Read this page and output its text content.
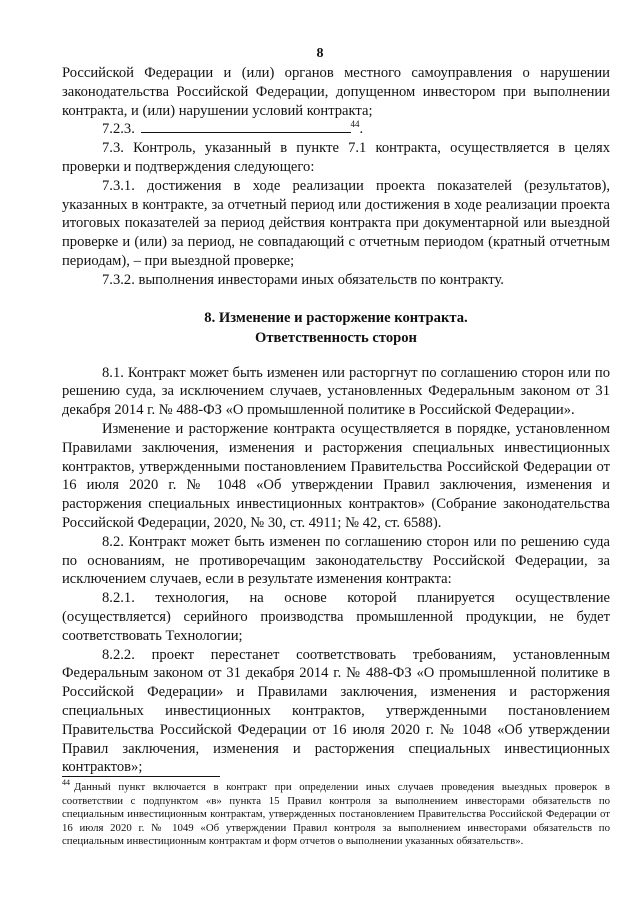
8

Российской Федерации и (или) органов местного самоуправления о нарушении законодательства Российской Федерации, допущенном инвестором при выполнении контракта, и (или) нарушении условий контракта;

7.2.3.	$^{44}$.

7.3. Контроль, указанный в пункте 7.1 контракта, осуществляется в целях проверки и подтверждения следующего:

7.3.1. достижения в ходе реализации проекта показателей (результатов), указанных в контракте, за отчетный период или достижения в ходе реализации проекта итоговых показателей за период действия контракта при документарной или выездной проверке и (или) за период, не совпадающий с отчетным периодом (кратный отчетным периодам), – при выездной проверке;

7.3.2. выполнения инвесторами иных обязательств по контракту.

8. Изменение и расторжение контракта.
Ответственность сторон

8.1. Контракт может быть изменен или расторгнут по соглашению сторон или по решению суда, за исключением случаев, установленных Федеральным законом от 31 декабря 2014 г. № 488-ФЗ «О промышленной политике в Российской Федерации».

Изменение и расторжение контракта осуществляется в порядке, установленном Правилами заключения, изменения и расторжения специальных инвестиционных контрактов, утвержденными постановлением Правительства Российской Федерации от 16 июля 2020 г. № 1048 «Об утверждении Правил заключения, изменения и расторжения специальных инвестиционных контрактов» (Собрание законодательства Российской Федерации, 2020, № 30, ст. 4911; № 42, ст. 6588).

8.2. Контракт может быть изменен по соглашению сторон или по решению суда по основаниям, не противоречащим законодательству Российской Федерации, за исключением случаев, если в результате изменения контракта:

8.2.1. технология, на основе которой планируется осуществление (осуществляется) серийного производства промышленной продукции, не будет соответствовать Технологии;

8.2.2. проект перестанет соответствовать требованиям, установленным Федеральным законом от 31 декабря 2014 г. № 488-ФЗ «О промышленной политике в Российской Федерации» и Правилами заключения, изменения и расторжения специальных инвестиционных контрактов, утвержденными постановлением Правительства Российской Федерации от 16 июля 2020 г. № 1048 «Об утверждении Правил заключения, изменения и расторжения специальных инвестиционных контрактов»;

$^{44}$ Данный пункт включается в контракт при определении иных случаев проведения выездных проверок в соответствии с подпунктом «в» пункта 15 Правил контроля за выполнением инвесторами обязательств по специальным инвестиционным контрактам, утвержденных постановлением Правительства Российской Федерации от 16 июля 2020 г. № 1049 «Об утверждении Правил контроля за выполнением инвесторами обязательств по специальным инвестиционным контрактам и форм отчетов о выполнении указанных обязательств».
